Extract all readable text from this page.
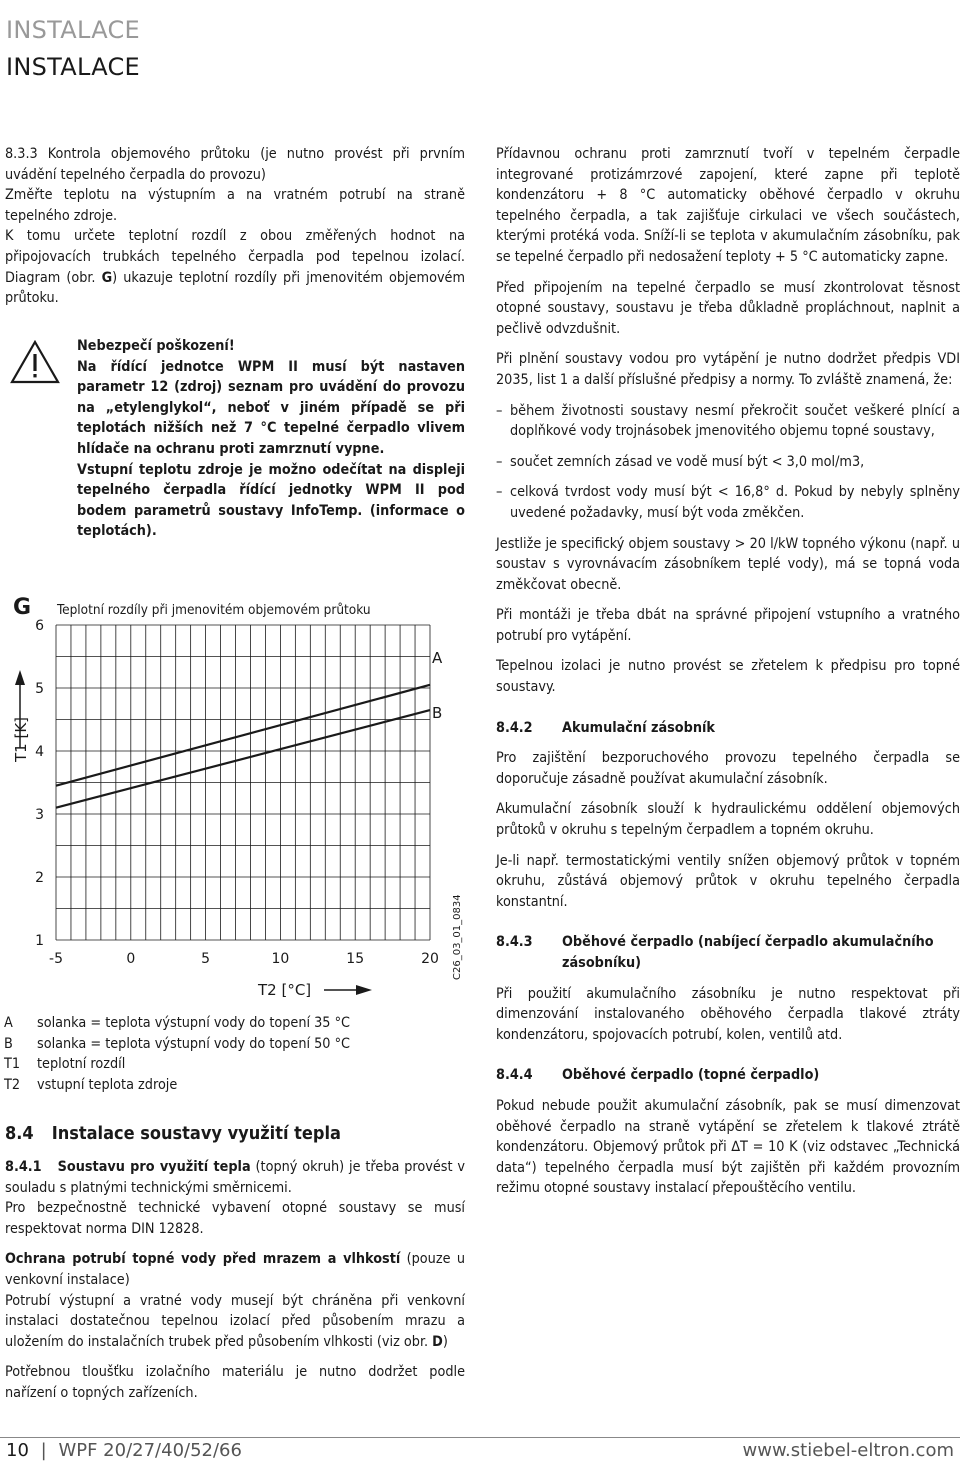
INSTALACE
INSTALACE

8.3.3 Kontrola objemového průtoku (je nutno provést při prvním uvádění tepelného čerpadla do provozu)

Změřte teplotu na výstupním a na vratném potrubí na straně tepelného zdroje.

K tomu určete teplotní rozdíl z obou změřených hodnot na připojovacích trubkách tepelného čerpadla pod tepelnou izolací. Diagram (obr. G) ukazuje teplotní rozdíly při jmenovitém objemovém průtoku.

Nebezpečí poškození!

Na řídící jednotce WPM II musí být nastaven parametr 12 (zdroj) seznam pro uvádění do provozu na „etylenglykol“, neboť v jiném případě se při teplotách nižších než 7 °C tepelné čerpadlo vlivem hlídače na ochranu proti zamrznutí vypne.

Vstupní teplotu zdroje je možno odečítat na displeji tepelného čerpadla řídící jednotky WPM II pod bodem parametrů soustavy InfoTemp. (informace o teplotách).

G Teplotní rozdíly při jmenovitém objemovém průtoku
1
2
3
4
5
6
-5	0	5	10	15	20
A
B
T1 [K]
T2 [°C]
C26_03_01_0834
A solanka = teplota výstupní vody do topení 35 °C
B solanka = teplota výstupní vody do topení 50 °C
T1 teplotní rozdíl
T2 vstupní teplota zdroje
8.4 Instalace soustavy využití tepla

8.4.1 Soustavu pro využití tepla (topný okruh) je třeba provést v souladu s platnými technickými směrnicemi.

Pro bezpečnostně technické vybavení otopné soustavy se musí respektovat norma DIN 12828.

Ochrana potrubí topné vody před mrazem a vlhkostí (pouze u venkovní instalace)

Potrubí výstupní a vratné vody musejí být chráněna při venkovní instalaci dostatečnou tepelnou izolací před působením mrazu a uložením do instalačních trubek před působením vlhkosti (viz obr. D)

Potřebnou tloušťku izolačního materiálu je nutno dodržet podle nařízení o topných zařízeních.

Přídavnou ochranu proti zamrznutí tvoří v tepelném čerpadle integrované protizámrzové zapojení, které zapne při teplotě kondenzátoru + 8 °C automaticky oběhové čerpadlo v okruhu tepelného čerpadla, a tak zajišťuje cirkulaci ve všech součástech, kterými protéká voda. Sníží-li se teplota v akumulačním zásobníku, pak se tepelné čerpadlo při nedosažení teploty + 5 °C automaticky zapne.

Před připojením na tepelné čerpadlo se musí zkontrolovat těsnost otopné soustavy, soustavu je třeba důkladně propláchnout, naplnit a pečlivě odvzdušnit.

Při plnění soustavy vodou pro vytápění je nutno dodržet předpis VDI 2035, list 1 a další příslušné předpisy a normy. To zvláště znamená, že:

– během životnosti soustavy nesmí překročit součet veškeré plnící a doplňkové vody trojnásobek jmenovitého objemu topné soustavy,
– součet zemních zásad ve vodě musí být < 3,0 mol/m3,
– celková tvrdost vody musí být < 16,8° d. Pokud by nebyly splněny uvedené požadavky, musí být voda změkčen.

Jestliže je specifický objem soustavy > 20 l/kW topného výkonu (např. u soustav s vyrovnávacím zásobníkem teplé vody), má se topná voda změkčovat obecně.

Při montáži je třeba dbát na správné připojení vstupního a vratného potrubí pro vytápění.

Tepelnou izolaci je nutno provést se zřetelem k předpisu pro topné soustavy.

8.4.2 Akumulační zásobník

Pro zajištění bezporuchového provozu tepelného čerpadla se doporučuje zásadně používat akumulační zásobník.

Akumulační zásobník slouží k hydraulickému oddělení objemových průtoků v okruhu s tepelným čerpadlem a topném okruhu.

Je-li např. termostatickými ventily snížen objemový průtok v topném okruhu, zůstává objemový průtok v okruhu tepelného čerpadla konstantní.

8.4.3 Oběhové čerpadlo (nabíjecí čerpadlo akumulačního zásobníku)

Při použití akumulačního zásobníku je nutno respektovat při dimenzování instalovaného oběhového čerpadla tlakové ztráty kondenzátoru, spojovacích potrubí, kolen, ventilů atd.

8.4.4 Oběhové čerpadlo (topné čerpadlo)

Pokud nebude použit akumulační zásobník, pak se musí dimenzovat oběhové čerpadlo na straně vytápění se zřetelem k tlakové ztrátě kondenzátoru. Objemový průtok při ∆T = 10 K (viz odstavec „Technická data“) tepelného čerpadla musí být zajištěn při každém provozním režimu otopné soustavy instalací přepouštěcího ventilu.

10 | WPF 20/27/40/52/66	www.stiebel-eltron.com
